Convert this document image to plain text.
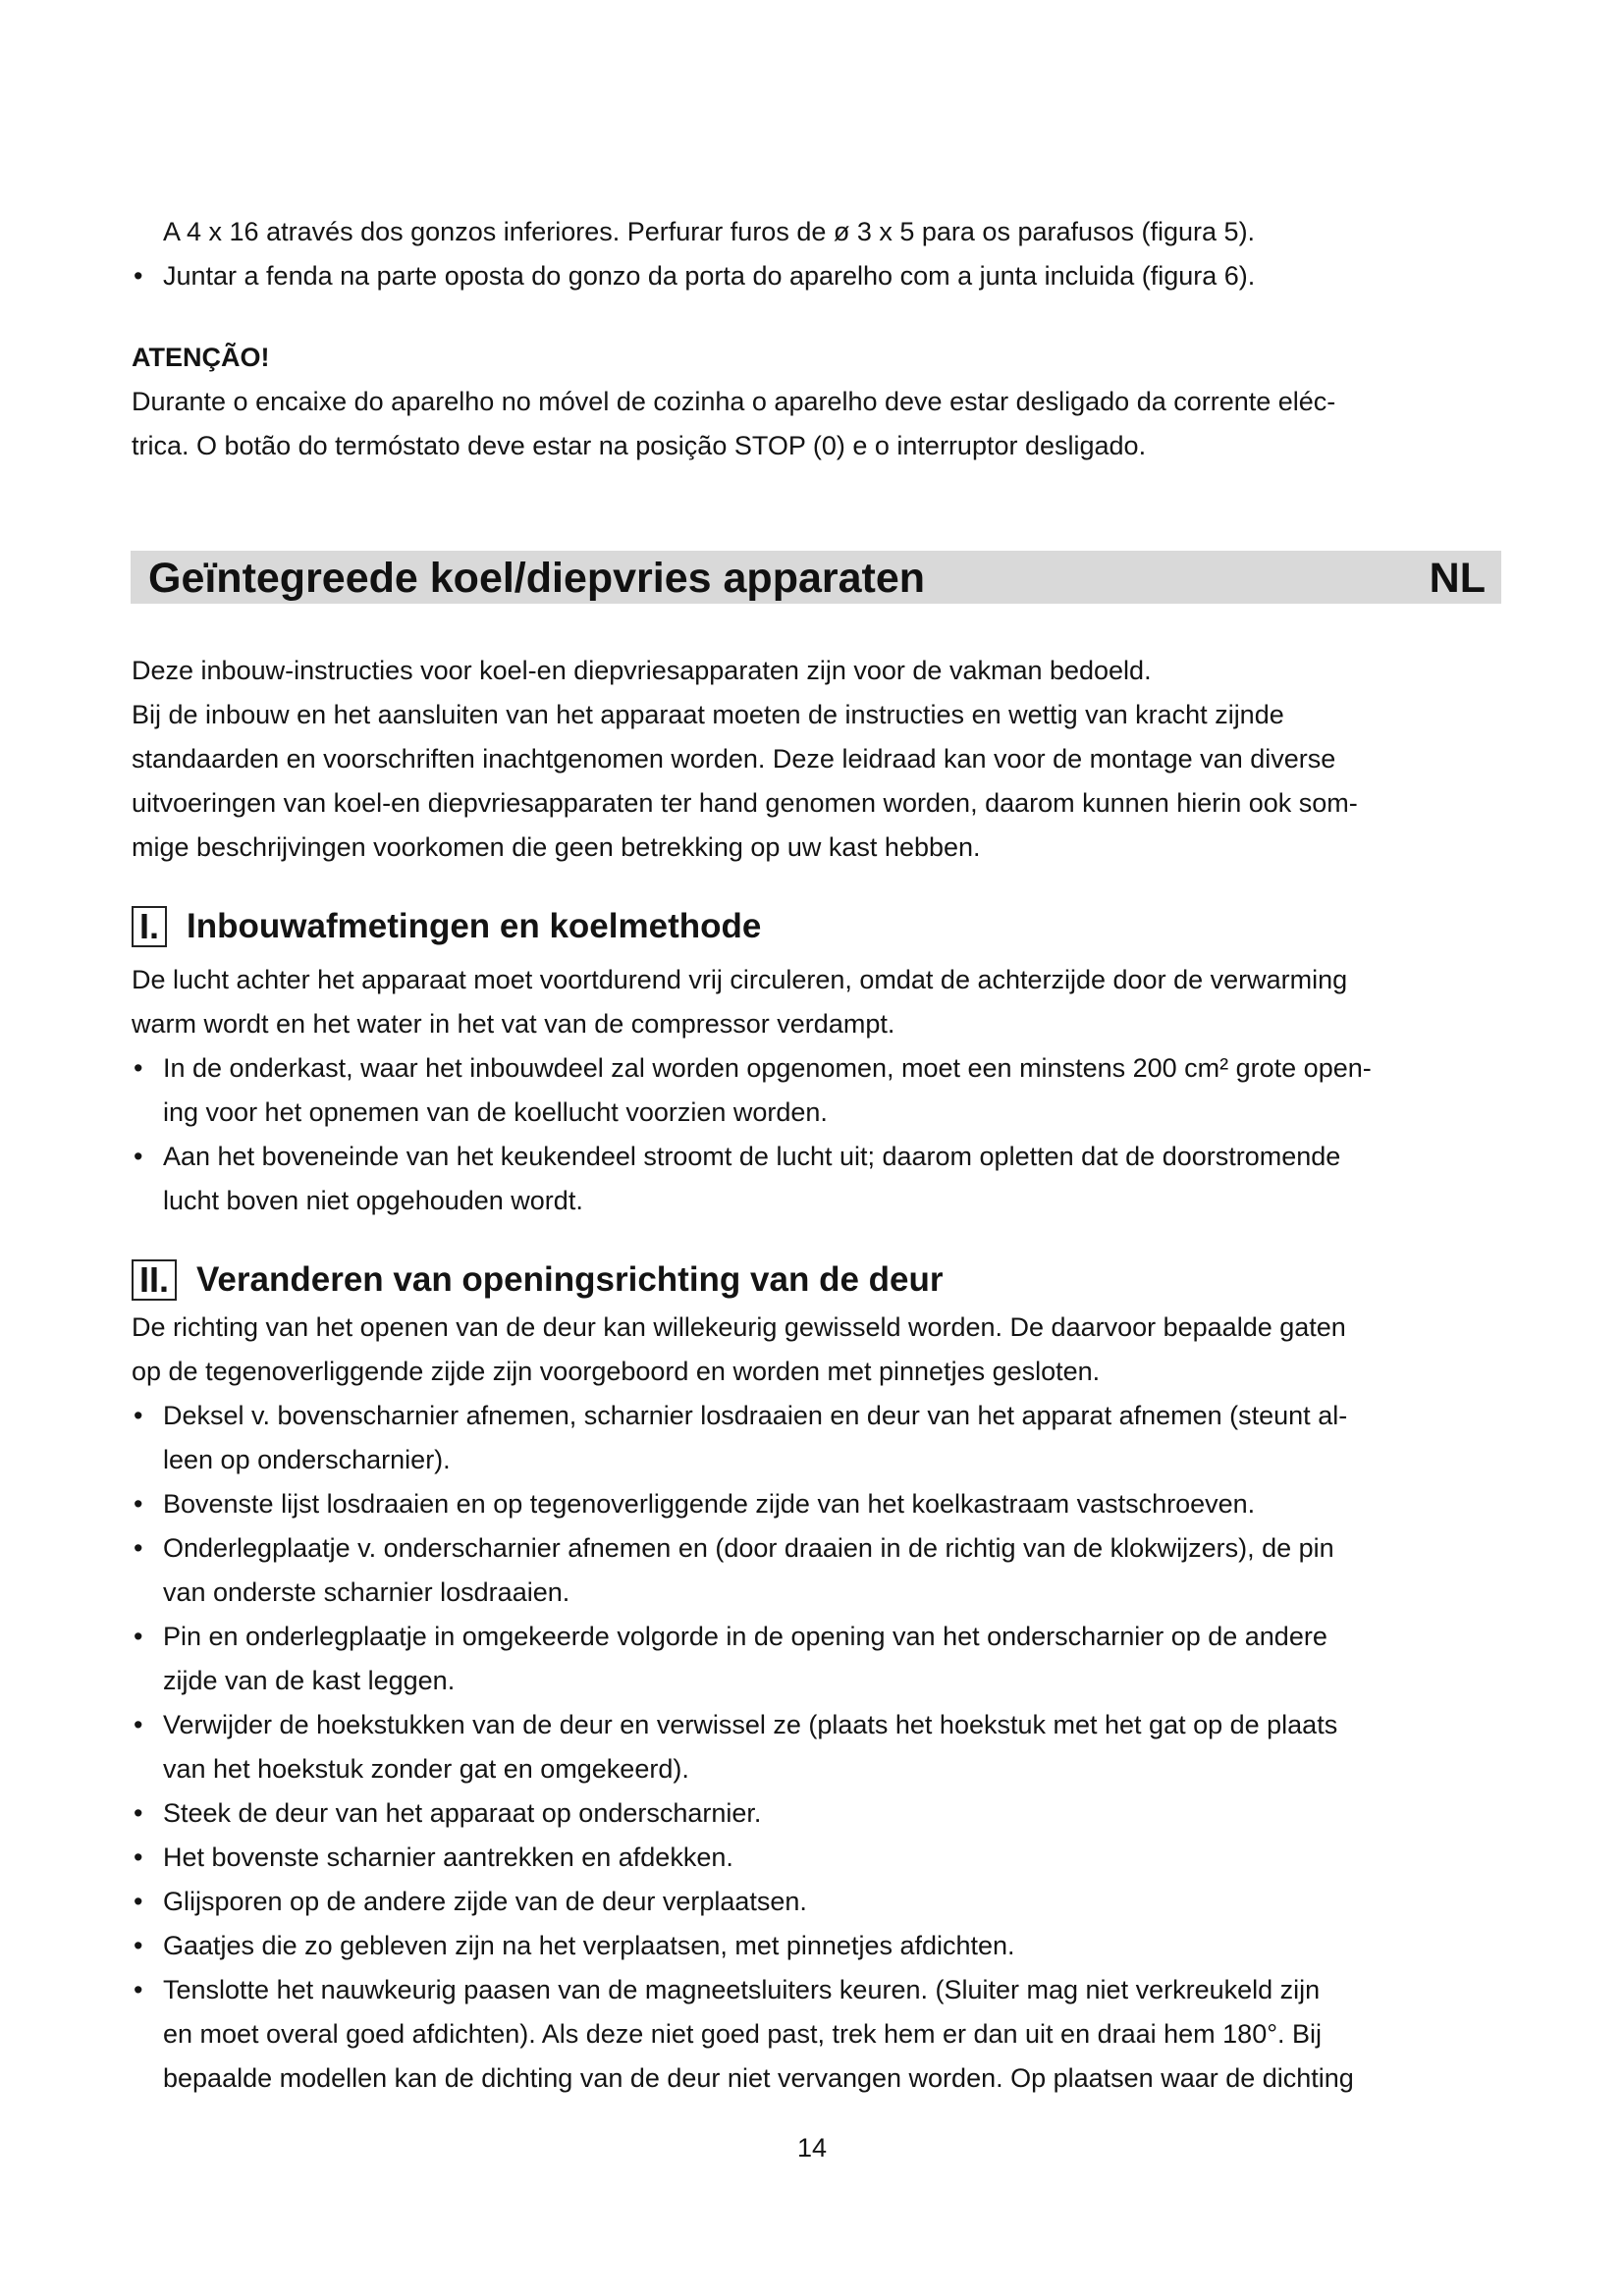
A 4 x 16 através dos gonzos inferiores. Perfurar furos de ø 3 x 5 para os parafusos (figura 5).
• Juntar a fenda na parte oposta do gonzo da porta do aparelho com a junta incluida (figura 6).
ATENÇÃO!
Durante o encaixe do aparelho no móvel de cozinha o aparelho deve estar desligado da corrente eléc-
trica. O botão do termóstato deve estar na posição STOP (0) e o interruptor desligado.
Geïntegreede koel/diepvries apparaten	NL
Deze inbouw-instructies voor koel-en diepvriesapparaten zijn voor de vakman bedoeld.
Bij de inbouw en het aansluiten van het apparaat moeten de instructies en wettig van kracht zijnde
standaarden en voorschriften inachtgenomen worden. Deze leidraad kan voor de montage van diverse
uitvoeringen van koel-en diepvriesapparaten ter hand genomen worden, daarom kunnen hierin ook som-
mige beschrijvingen voorkomen die geen betrekking op uw kast hebben.
I. Inbouwafmetingen en koelmethode
De lucht achter het apparaat moet voortdurend vrij circuleren, omdat de achterzijde door de verwarming
warm wordt en het water in het vat van de compressor verdampt.
• In de onderkast, waar het inbouwdeel zal worden opgenomen, moet een minstens 200 cm² grote open-
ing voor het opnemen van de koellucht voorzien worden.
• Aan het boveneinde van het keukendeel stroomt de lucht uit; daarom opletten dat de doorstromende
lucht boven niet opgehouden wordt.
II. Veranderen van openingsrichting van de deur
De richting van het openen van de deur kan willekeurig gewisseld worden. De daarvoor bepaalde gaten
op de tegenoverliggende zijde zijn voorgeboord en worden met pinnetjes gesloten.
• Deksel v. bovenscharnier afnemen, scharnier losdraaien en deur van het apparat afnemen (steunt al-
leen op onderscharnier).
• Bovenste lijst losdraaien en op tegenoverliggende zijde van het koelkastraam vastschroeven.
• Onderlegplaatje v. onderscharnier afnemen en (door draaien in de richtig van de klokwijzers), de pin
van onderste scharnier losdraaien.
• Pin en onderlegplaatje in omgekeerde volgorde in de opening van het onderscharnier op de andere
zijde van de kast leggen.
• Verwijder de hoekstukken van de deur en verwissel ze (plaats het hoekstuk met het gat op de plaats
van het hoekstuk zonder gat en omgekeerd).
• Steek de deur van het apparaat op onderscharnier.
• Het bovenste scharnier aantrekken en afdekken.
• Glijsporen op de andere zijde van de deur verplaatsen.
• Gaatjes die zo gebleven zijn na het verplaatsen, met pinnetjes afdichten.
• Tenslotte het nauwkeurig paasen van de magneetsluiters keuren. (Sluiter mag niet verkreukeld zijn
en moet overal goed afdichten). Als deze niet goed past, trek hem er dan uit en draai hem 180°. Bij
bepaalde modellen kan de dichting van de deur niet vervangen worden. Op plaatsen waar de dichting
14
